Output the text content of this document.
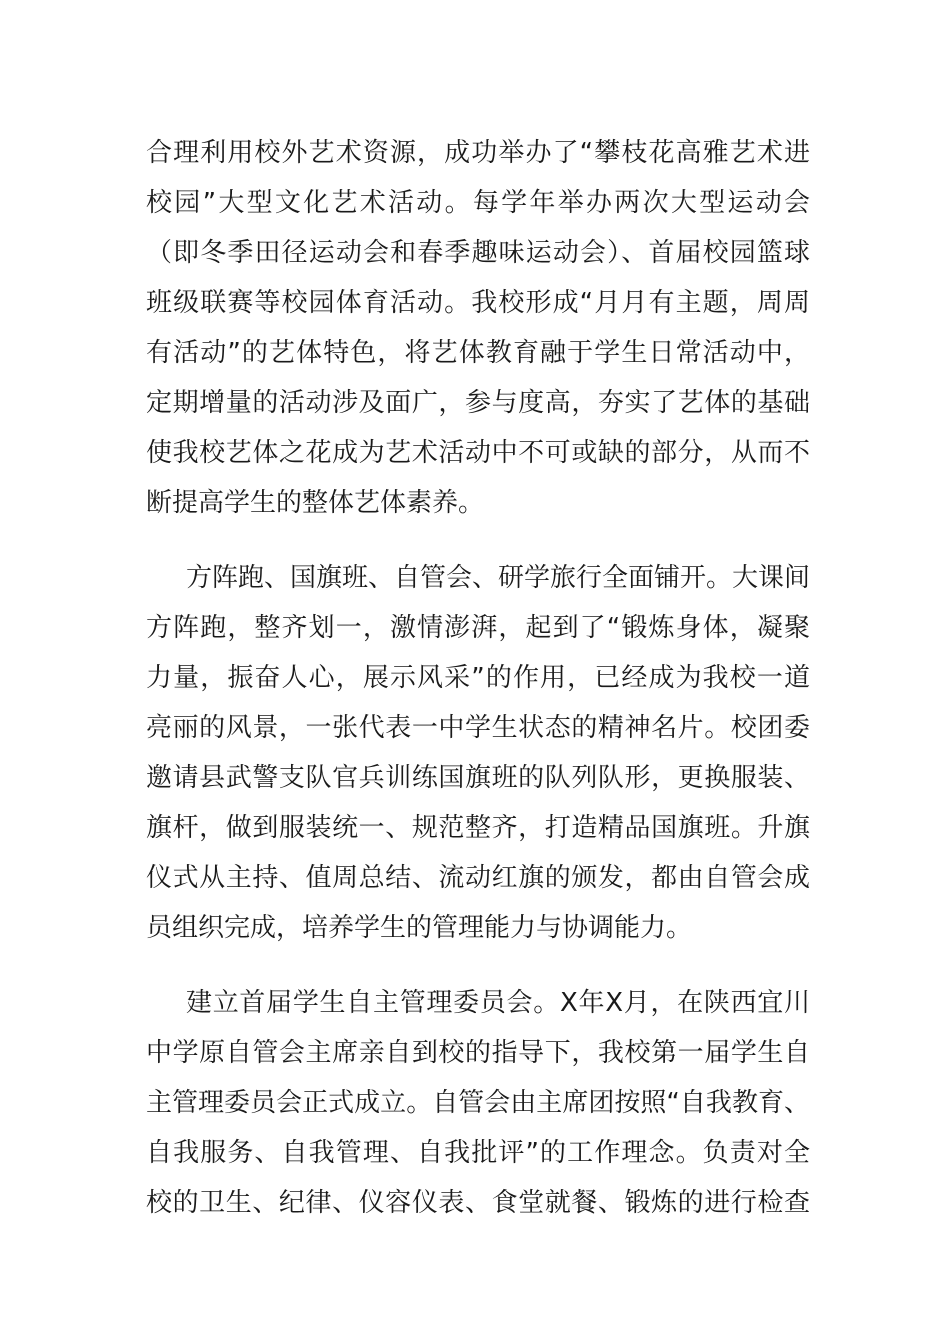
合理利用校外艺术资源，成功举办了“攀枝花高雅艺术进
校园”大型文化艺术活动。每学年举办两次大型运动会
（即冬季田径运动会和春季趣味运动会）、首届校园篮球
班级联赛等校园体育活动。我校形成“月月有主题，周周
有活动”的艺体特色，将艺体教育融于学生日常活动中，
定期增量的活动涉及面广，参与度高，夯实了艺体的基础
使我校艺体之花成为艺术活动中不可或缺的部分，从而不
断提高学生的整体艺体素养。
方阵跑、国旗班、自管会、研学旅行全面铺开。大课间
方阵跑，整齐划一，激情澎湃，起到了“锻炼身体，凝聚
力量，振奋人心，展示风采”的作用，已经成为我校一道
亮丽的风景，一张代表一中学生状态的精神名片。校团委
邀请县武警支队官兵训练国旗班的队列队形，更换服装、
旗杆，做到服装统一、规范整齐，打造精品国旗班。升旗
仪式从主持、值周总结、流动红旗的颁发，都由自管会成
员组织完成，培养学生的管理能力与协调能力。
建立首届学生自主管理委员会。X年X月，在陕西宜川
中学原自管会主席亲自到校的指导下，我校第一届学生自
主管理委员会正式成立。自管会由主席团按照“自我教育、
自我服务、自我管理、自我批评”的工作理念。负责对全
校的卫生、纪律、仪容仪表、食堂就餐、锻炼的进行检查
